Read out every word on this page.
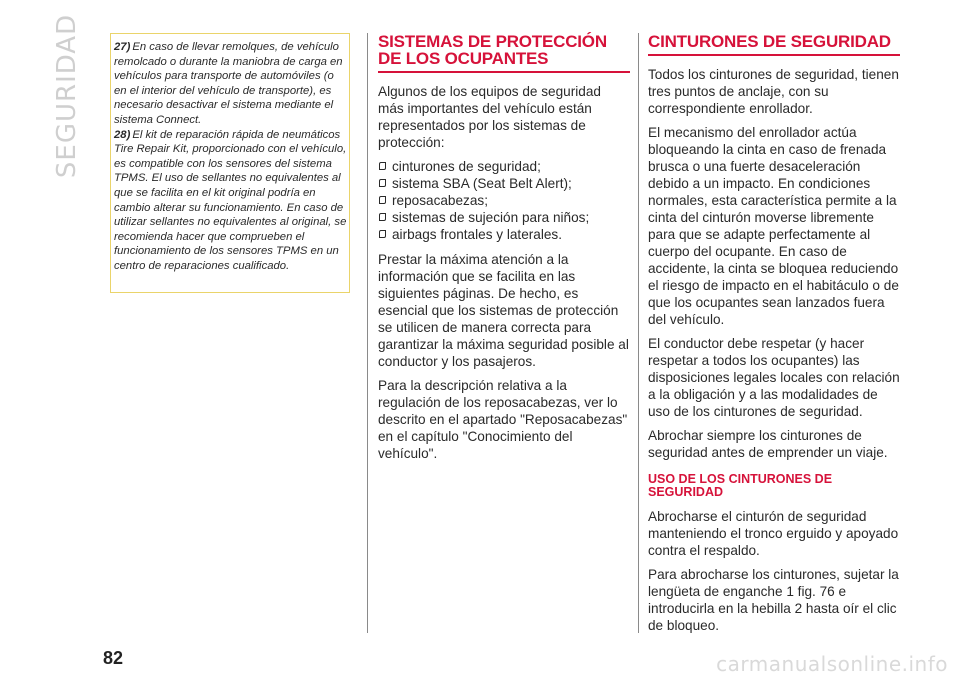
SEGURIDAD	27) En caso de llevar remolques, de vehículo remolcado o durante la maniobra de carga en vehículos para transporte de automóviles (o en el interior del vehículo de transporte), es necesario desactivar el sistema mediante el sistema Connect.

28) El kit de reparación rápida de neumáticos Tire Repair Kit, proporcionado con el vehículo, es compatible con los sensores del sistema TPMS. El uso de sellantes no equivalentes al que se facilita en el kit original podría en cambio alterar su funcionamiento. En caso de utilizar sellantes no equivalentes al original, se recomienda hacer que comprueben el funcionamiento de los sensores TPMS en un centro de reparaciones cualificado.

SISTEMAS DE PROTECCIÓN DE LOS OCUPANTES

Algunos de los equipos de seguridad más importantes del vehículo están representados por los sistemas de protección:

cinturones de seguridad;
sistema SBA (Seat Belt Alert);
reposacabezas;
sistemas de sujeción para niños;
airbags frontales y laterales.

Prestar la máxima atención a la información que se facilita en las siguientes páginas. De hecho, es esencial que los sistemas de protección se utilicen de manera correcta para garantizar la máxima seguridad posible al conductor y los pasajeros.

Para la descripción relativa a la regulación de los reposacabezas, ver lo descrito en el apartado "Reposacabezas" en el capítulo "Conocimiento del vehículo".

CINTURONES DE SEGURIDAD

Todos los cinturones de seguridad, tienen tres puntos de anclaje, con su correspondiente enrollador.

El mecanismo del enrollador actúa bloqueando la cinta en caso de frenada brusca o una fuerte desaceleración debido a un impacto. En condiciones normales, esta característica permite a la cinta del cinturón moverse libremente para que se adapte perfectamente al cuerpo del ocupante. En caso de accidente, la cinta se bloquea reduciendo el riesgo de impacto en el habitáculo o de que los ocupantes sean lanzados fuera del vehículo.

El conductor debe respetar (y hacer respetar a todos los ocupantes) las disposiciones legales locales con relación a la obligación y a las modalidades de uso de los cinturones de seguridad.

Abrochar siempre los cinturones de seguridad antes de emprender un viaje.

USO DE LOS CINTURONES DE SEGURIDAD

Abrocharse el cinturón de seguridad manteniendo el tronco erguido y apoyado contra el respaldo.

Para abrocharse los cinturones, sujetar la lengüeta de enganche 1 fig. 76 e introducirla en la hebilla 2 hasta oír el clic de bloqueo.

82	carmanualsonline.info
